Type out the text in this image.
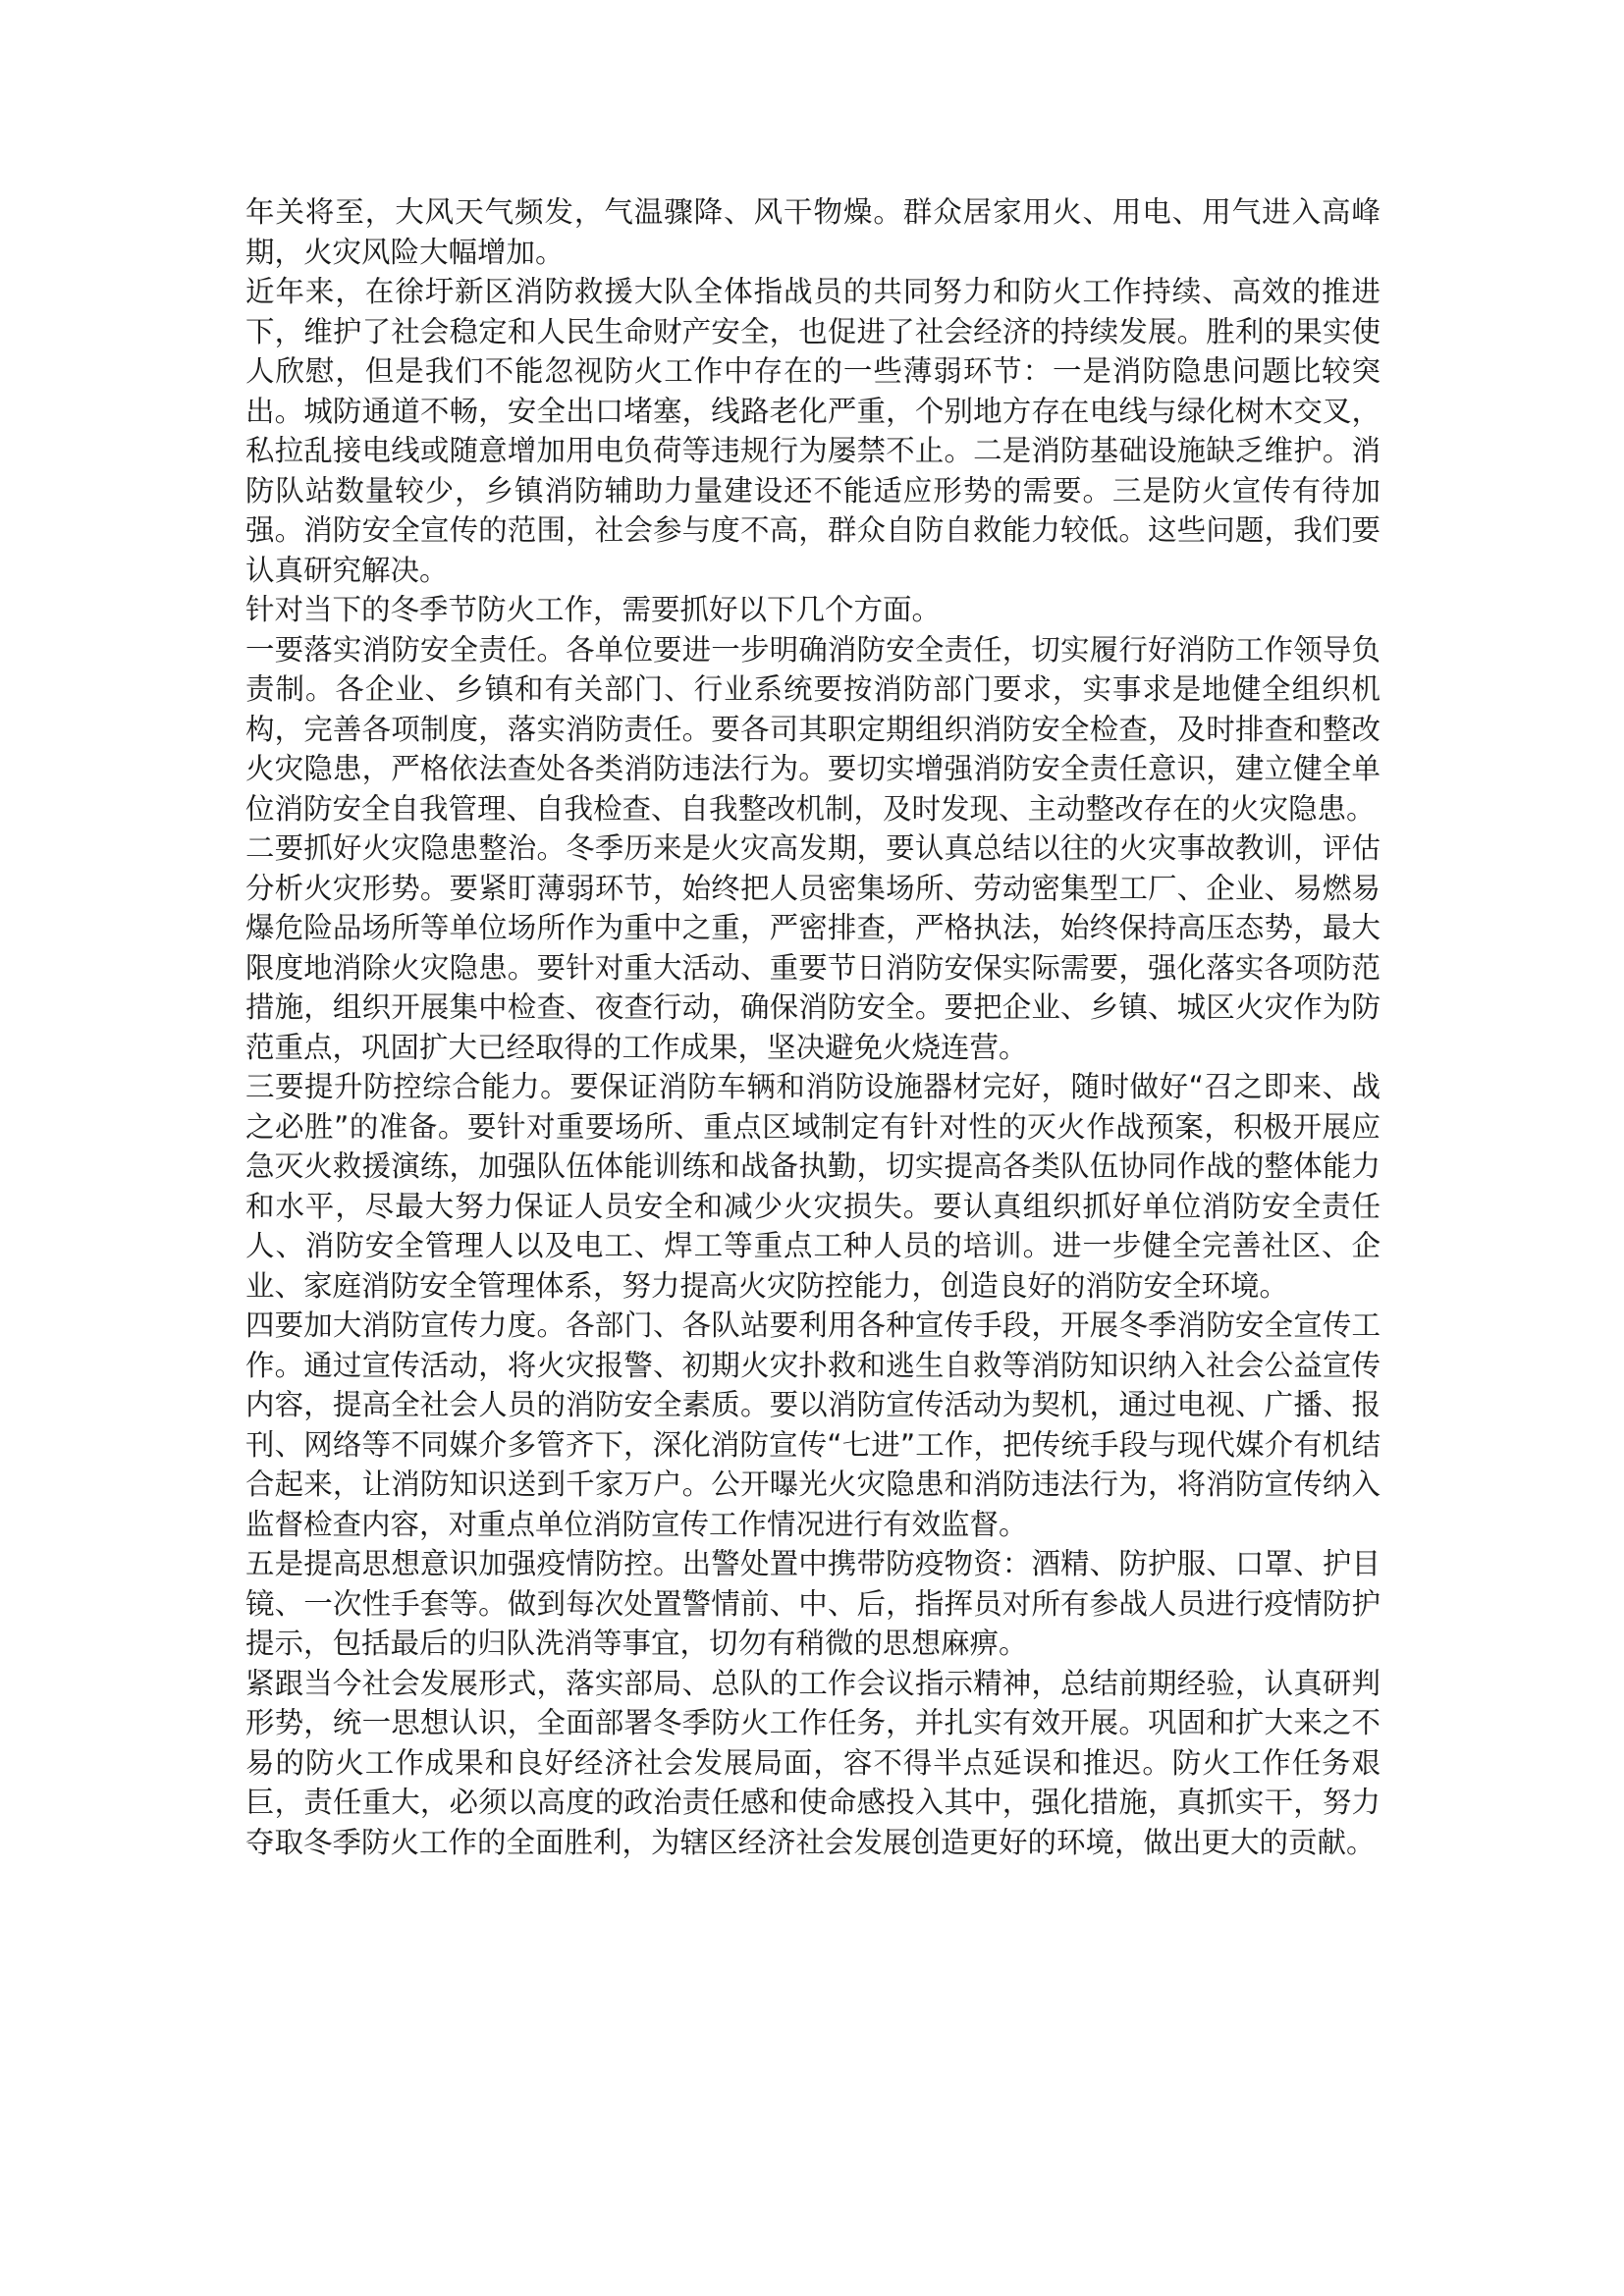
年关将至，大风天气频发，气温骤降、风干物燥。群众居家用火、用电、用气进入高峰期，火灾风险大幅增加。

近年来，在徐圩新区消防救援大队全体指战员的共同努力和防火工作持续、高效的推进下，维护了社会稳定和人民生命财产安全，也促进了社会经济的持续发展。胜利的果实使人欣慰，但是我们不能忽视防火工作中存在的一些薄弱环节：一是消防隐患问题比较突出。城防通道不畅，安全出口堵塞，线路老化严重，个别地方存在电线与绿化树木交叉，私拉乱接电线或随意增加用电负荷等违规行为屡禁不止。二是消防基础设施缺乏维护。消防队站数量较少，乡镇消防辅助力量建设还不能适应形势的需要。三是防火宣传有待加强。消防安全宣传的范围，社会参与度不高，群众自防自救能力较低。这些问题，我们要认真研究解决。

针对当下的冬季节防火工作，需要抓好以下几个方面。

一要落实消防安全责任。各单位要进一步明确消防安全责任，切实履行好消防工作领导负责制。各企业、乡镇和有关部门、行业系统要按消防部门要求，实事求是地健全组织机构，完善各项制度，落实消防责任。要各司其职定期组织消防安全检查，及时排查和整改火灾隐患，严格依法查处各类消防违法行为。要切实增强消防安全责任意识，建立健全单位消防安全自我管理、自我检查、自我整改机制，及时发现、主动整改存在的火灾隐患。

二要抓好火灾隐患整治。冬季历来是火灾高发期，要认真总结以往的火灾事故教训，评估分析火灾形势。要紧盯薄弱环节，始终把人员密集场所、劳动密集型工厂、企业、易燃易爆危险品场所等单位场所作为重中之重，严密排查，严格执法，始终保持高压态势，最大限度地消除火灾隐患。要针对重大活动、重要节日消防安保实际需要，强化落实各项防范措施，组织开展集中检查、夜查行动，确保消防安全。要把企业、乡镇、城区火灾作为防范重点，巩固扩大已经取得的工作成果，坚决避免火烧连营。

三要提升防控综合能力。要保证消防车辆和消防设施器材完好，随时做好“召之即来、战之必胜”的准备。要针对重要场所、重点区域制定有针对性的灭火作战预案，积极开展应急灭火救援演练，加强队伍体能训练和战备执勤，切实提高各类队伍协同作战的整体能力和水平，尽最大努力保证人员安全和减少火灾损失。要认真组织抓好单位消防安全责任人、消防安全管理人以及电工、焊工等重点工种人员的培训。进一步健全完善社区、企业、家庭消防安全管理体系，努力提高火灾防控能力，创造良好的消防安全环境。

四要加大消防宣传力度。各部门、各队站要利用各种宣传手段，开展冬季消防安全宣传工作。通过宣传活动，将火灾报警、初期火灾扑救和逃生自救等消防知识纳入社会公益宣传内容，提高全社会人员的消防安全素质。要以消防宣传活动为契机，通过电视、广播、报刊、网络等不同媒介多管齐下，深化消防宣传“七进”工作，把传统手段与现代媒介有机结合起来，让消防知识送到千家万户。公开曝光火灾隐患和消防违法行为，将消防宣传纳入监督检查内容，对重点单位消防宣传工作情况进行有效监督。

五是提高思想意识加强疫情防控。出警处置中携带防疫物资：酒精、防护服、口罩、护目镜、一次性手套等。做到每次处置警情前、中、后，指挥员对所有参战人员进行疫情防护提示，包括最后的归队洗消等事宜，切勿有稍微的思想麻痹。

紧跟当今社会发展形式，落实部局、总队的工作会议指示精神，总结前期经验，认真研判形势，统一思想认识，全面部署冬季防火工作任务，并扎实有效开展。巩固和扩大来之不易的防火工作成果和良好经济社会发展局面，容不得半点延误和推迟。防火工作任务艰巨，责任重大，必须以高度的政治责任感和使命感投入其中，强化措施，真抓实干，努力夺取冬季防火工作的全面胜利，为辖区经济社会发展创造更好的环境，做出更大的贡献。
